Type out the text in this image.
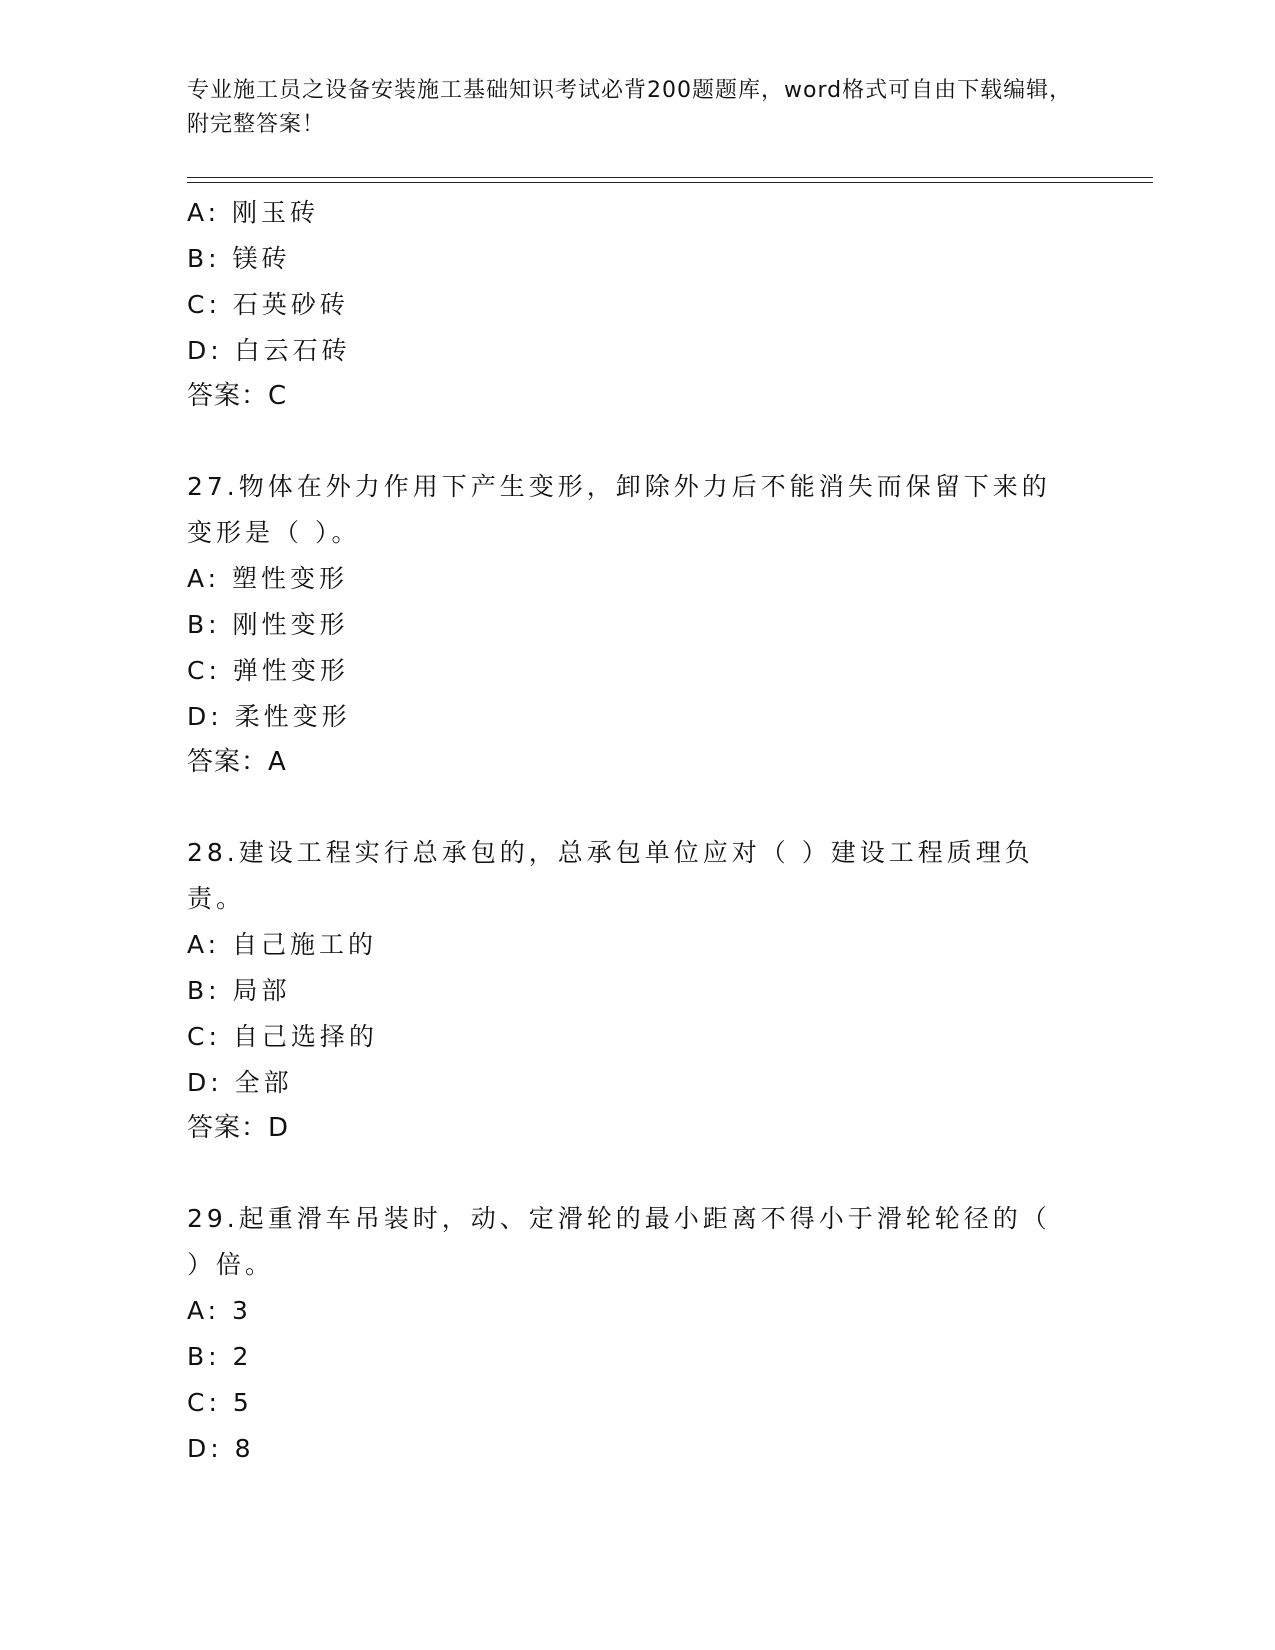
专业施工员之设备安装施工基础知识考试必背200题题库，word格式可自由下载编辑，附完整答案！
A: 刚玉砖
B: 镁砖
C: 石英砂砖
D: 白云石砖
答案：C
27.物体在外力作用下产生变形，卸除外力后不能消失而保留下来的变形是（ ）。
A: 塑性变形
B: 刚性变形
C: 弹性变形
D: 柔性变形
答案：A
28.建设工程实行总承包的，总承包单位应对（ ）建设工程质理负责。
A: 自己施工的
B: 局部
C: 自己选择的
D: 全部
答案：D
29.起重滑车吊装时，动、定滑轮的最小距离不得小于滑轮轮径的（ ）倍。
A: 3
B: 2
C: 5
D: 8
